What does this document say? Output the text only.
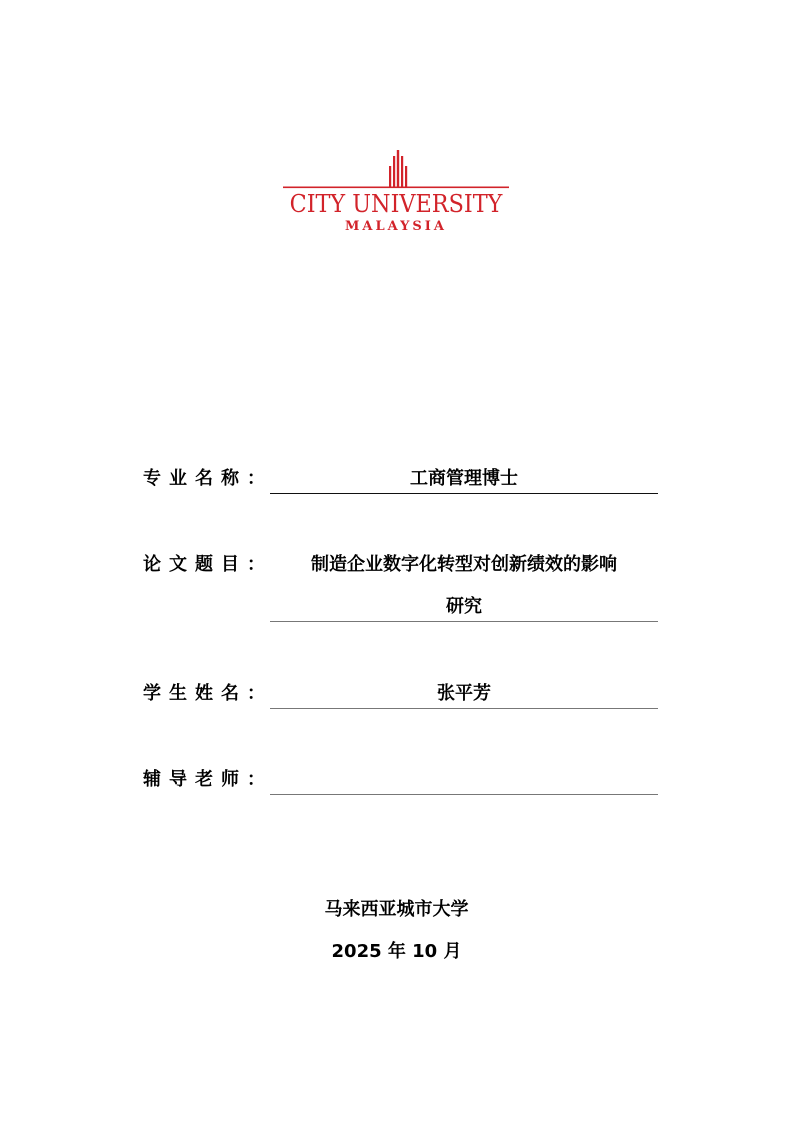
CITY UNIVERSITY
MALAYSIA
专业名称：	工商管理博士
论文题目：	制造企业数字化转型对创新绩效的影响
研究
学生姓名：	张平芳
辅导老师：
马来西亚城市大学
2025 年 10 月
